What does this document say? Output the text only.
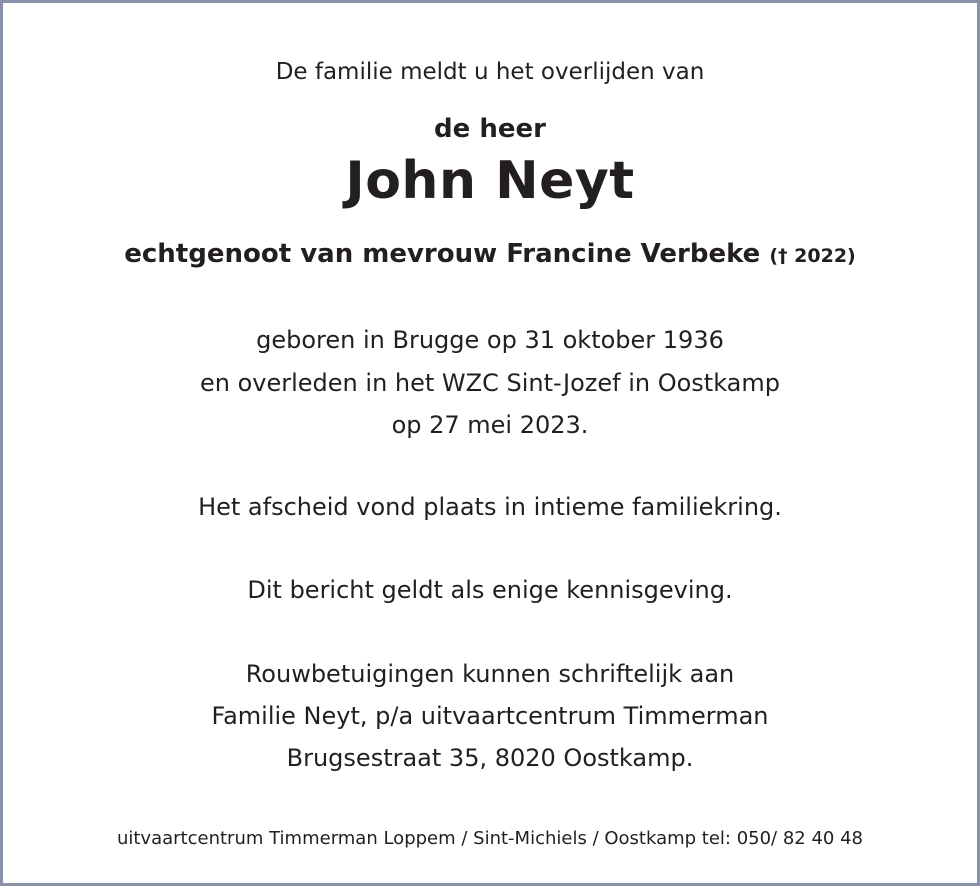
De familie meldt u het overlijden van
de heer
John Neyt
echtgenoot van mevrouw Francine Verbeke († 2022)
geboren in Brugge op 31 oktober 1936
en overleden in het WZC Sint-Jozef in Oostkamp
op 27 mei 2023.
Het afscheid vond plaats in intieme familiekring.
Dit bericht geldt als enige kennisgeving.
Rouwbetuigingen kunnen schriftelijk aan
Familie Neyt, p/a uitvaartcentrum Timmerman
Brugsestraat 35, 8020 Oostkamp.
uitvaartcentrum Timmerman Loppem / Sint-Michiels / Oostkamp tel: 050/ 82 40 48
